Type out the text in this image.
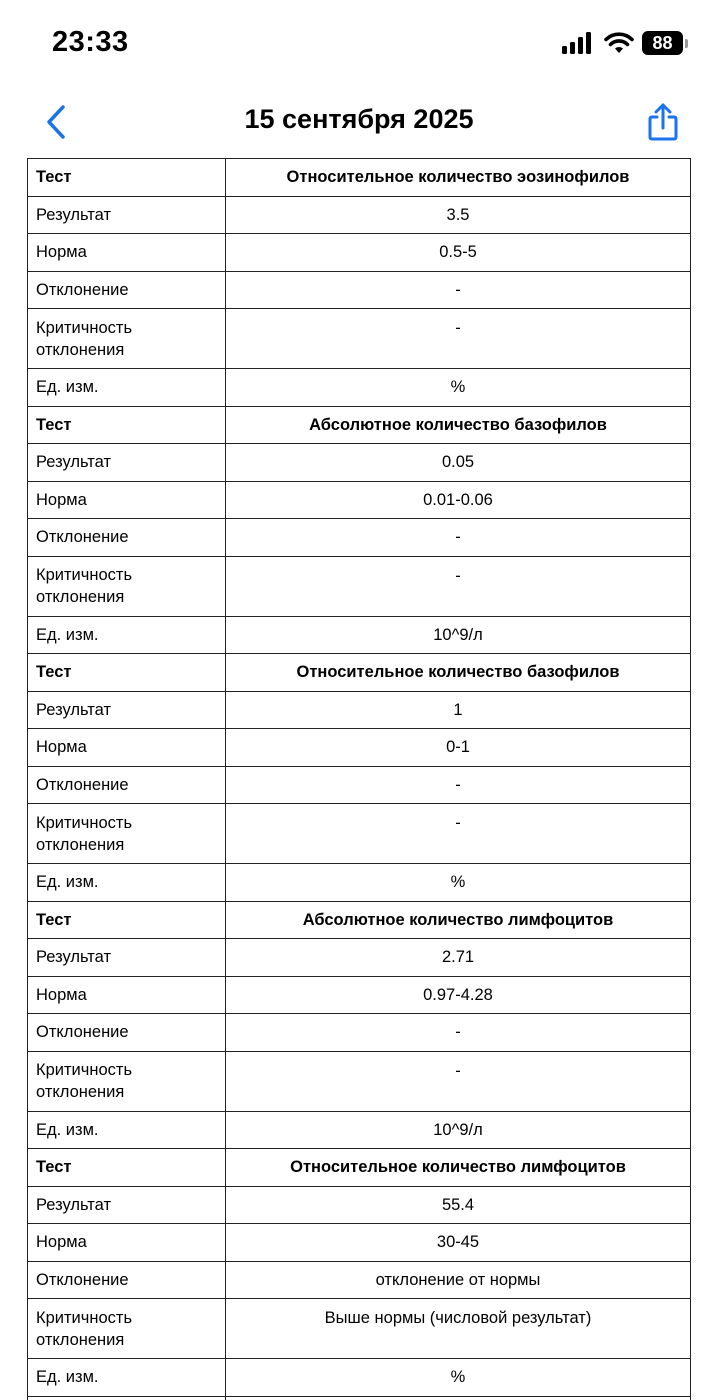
23:33	88
15 сентября 2025
Тест	Относительное количество эозинофилов
Результат	3.5
Норма	0.5-5
Отклонение	-
Критичность
отклонения	-
Ед. изм.	%
Тест	Абсолютное количество базофилов
Результат	0.05
Норма	0.01-0.06
Отклонение	-
Критичность
отклонения	-
Ед. изм.	10^9/л
Тест	Относительное количество базофилов
Результат	1
Норма	0-1
Отклонение	-
Критичность
отклонения	-
Ед. изм.	%
Тест	Абсолютное количество лимфоцитов
Результат	2.71
Норма	0.97-4.28
Отклонение	-
Критичность
отклонения	-
Ед. изм.	10^9/л
Тест	Относительное количество лимфоцитов
Результат	55.4
Норма	30-45
Отклонение	отклонение от нормы
Критичность
отклонения	Выше нормы (числовой результат)
Ед. изм.	%
